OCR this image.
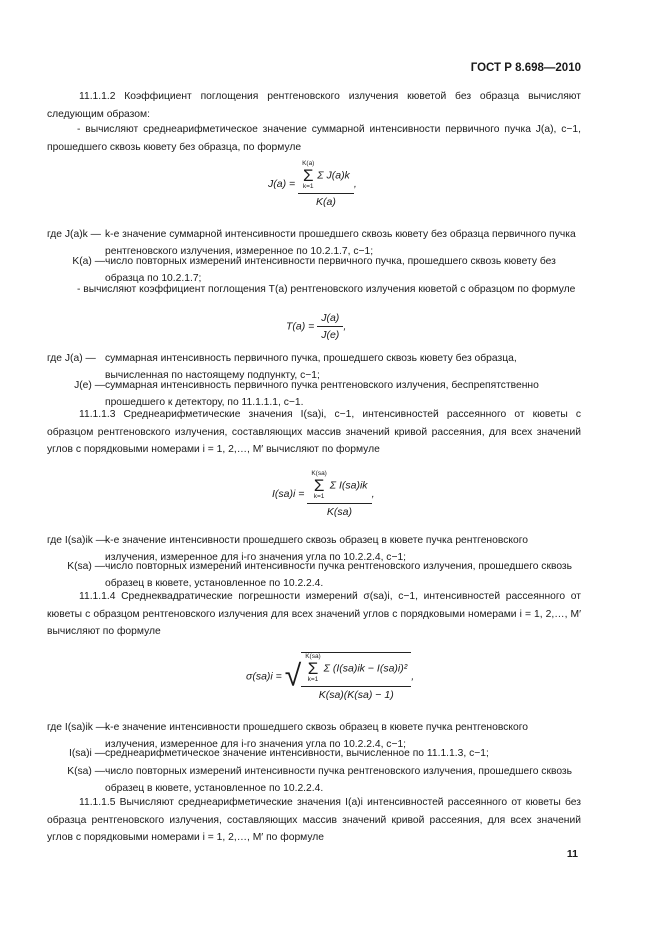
ГОСТ Р 8.698—2010
11.1.1.2 Коэффициент поглощения рентгеновского излучения кюветой без образца вычисляют следующим образом:
- вычисляют среднеарифметическое значение суммарной интенсивности первичного пучка J(a), с−1, прошедшего сквозь кювету без образца, по формуле
J(a) = K(a)
Σ
k=1
Σ J(a)k
K(a) ,
где J(a)k — k-е значение суммарной интенсивности прошедшего сквозь кювету без образца первичного пучка рентгеновского излучения, измеренное по 10.2.1.7, с−1;
K(a) — число повторных измерений интенсивности первичного пучка, прошедшего сквозь кювету без образца по 10.2.1.7;
- вычисляют коэффициент поглощения T(a) рентгеновского излучения кюветой с образцом по формуле
$T(a) = \frac{J(a)}{J(e)}$ ,
где J(a) — суммарная интенсивность первичного пучка, прошедшего сквозь кювету без образца, вычисленная по настоящему подпункту, с−1;
J(e) — суммарная интенсивность первичного пучка рентгеновского излучения, беспрепятственно прошедшего к детектору, по 11.1.1.1, с−1.
11.1.1.3 Среднеарифметические значения I(sa)i, с−1, интенсивностей рассеянного от кюветы с образцом рентгеновского излучения, составляющих массив значений кривой рассеяния, для всех значений углов с порядковыми номерами i = 1, 2,…, M′ вычисляют по формуле
I(sa)i = K(sa)
Σ
k=1
Σ I(sa)ik
K(sa) ,
где I(sa)ik —
k-е значение интенсивности прошедшего сквозь образец в кювете пучка рентгеновского излучения, измеренное для i-го значения угла по 10.2.2.4, с−1;
K(sa) — число повторных измерений интенсивности пучка рентгеновского излучения, прошедшего сквозь образец в кювете, установленное по 10.2.2.4.
11.1.1.4 Среднеквадратические погрешности измерений σ(sa)i, с−1, интенсивностей рассеянного от кюветы с образцом рентгеновского излучения для всех значений углов с порядковыми номерами i = 1, 2,…, M′ вычисляют по формуле
σ(sa)i = √ K(sa)
Σ
k=1
Σ (I(sa)ik − I(sa)i)²
K(sa)(K(sa) − 1) ,
где I(sa)ik —
k-е значение интенсивности прошедшего сквозь образец в кювете пучка рентгеновского излучения, измеренное для i-го значения угла по 10.2.2.4, с−1;
I(sa)i — среднеарифметическое значение интенсивности, вычисленное по 11.1.1.3, с−1;
K(sa) — число повторных измерений интенсивности пучка рентгеновского излучения, прошедшего сквозь образец в кювете, установленное по 10.2.2.4.
11.1.1.5 Вычисляют среднеарифметические значения I(a)i интенсивностей рассеянного от кюветы без образца рентгеновского излучения, составляющих массив значений кривой рассеяния, для всех значений углов с порядковыми номерами i = 1, 2,…, M′ по формуле
11
